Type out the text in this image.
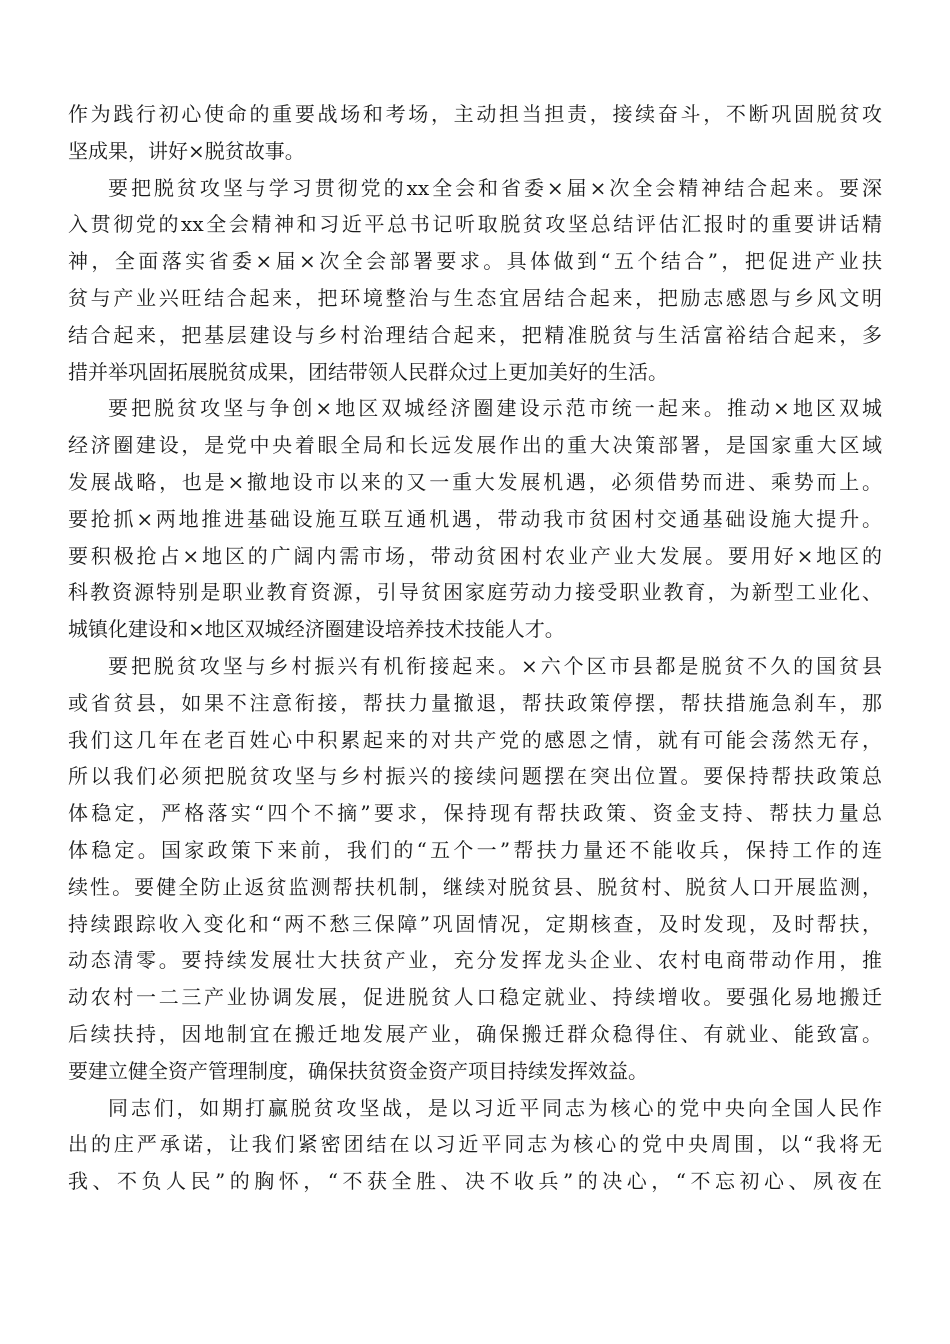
作为践行初心使命的重要战场和考场，主动担当担责，接续奋斗，不断巩固脱贫攻
坚成果，讲好×脱贫故事。
要把脱贫攻坚与学习贯彻党的xx全会和省委×届×次全会精神结合起来。要深
入贯彻党的xx全会精神和习近平总书记听取脱贫攻坚总结评估汇报时的重要讲话精
神，全面落实省委×届×次全会部署要求。具体做到“五个结合”，把促进产业扶
贫与产业兴旺结合起来，把环境整治与生态宜居结合起来，把励志感恩与乡风文明
结合起来，把基层建设与乡村治理结合起来，把精准脱贫与生活富裕结合起来，多
措并举巩固拓展脱贫成果，团结带领人民群众过上更加美好的生活。
要把脱贫攻坚与争创×地区双城经济圈建设示范市统一起来。推动×地区双城
经济圈建设，是党中央着眼全局和长远发展作出的重大决策部署，是国家重大区域
发展战略，也是×撤地设市以来的又一重大发展机遇，必须借势而进、乘势而上。
要抢抓×两地推进基础设施互联互通机遇，带动我市贫困村交通基础设施大提升。
要积极抢占×地区的广阔内需市场，带动贫困村农业产业大发展。要用好×地区的
科教资源特别是职业教育资源，引导贫困家庭劳动力接受职业教育，为新型工业化、
城镇化建设和×地区双城经济圈建设培养技术技能人才。
要把脱贫攻坚与乡村振兴有机衔接起来。×六个区市县都是脱贫不久的国贫县
或省贫县，如果不注意衔接，帮扶力量撤退，帮扶政策停摆，帮扶措施急刹车，那
我们这几年在老百姓心中积累起来的对共产党的感恩之情，就有可能会荡然无存，
所以我们必须把脱贫攻坚与乡村振兴的接续问题摆在突出位置。要保持帮扶政策总
体稳定，严格落实“四个不摘”要求，保持现有帮扶政策、资金支持、帮扶力量总
体稳定。国家政策下来前，我们的“五个一”帮扶力量还不能收兵，保持工作的连
续性。要健全防止返贫监测帮扶机制，继续对脱贫县、脱贫村、脱贫人口开展监测，
持续跟踪收入变化和“两不愁三保障”巩固情况，定期核查，及时发现，及时帮扶，
动态清零。要持续发展壮大扶贫产业，充分发挥龙头企业、农村电商带动作用，推
动农村一二三产业协调发展，促进脱贫人口稳定就业、持续增收。要强化易地搬迁
后续扶持，因地制宜在搬迁地发展产业，确保搬迁群众稳得住、有就业、能致富。
要建立健全资产管理制度，确保扶贫资金资产项目持续发挥效益。
同志们，如期打赢脱贫攻坚战，是以习近平同志为核心的党中央向全国人民作
出的庄严承诺，让我们紧密团结在以习近平同志为核心的党中央周围，以“我将无
我、不负人民”的胸怀，“不获全胜、决不收兵”的决心，“不忘初心、夙夜在
